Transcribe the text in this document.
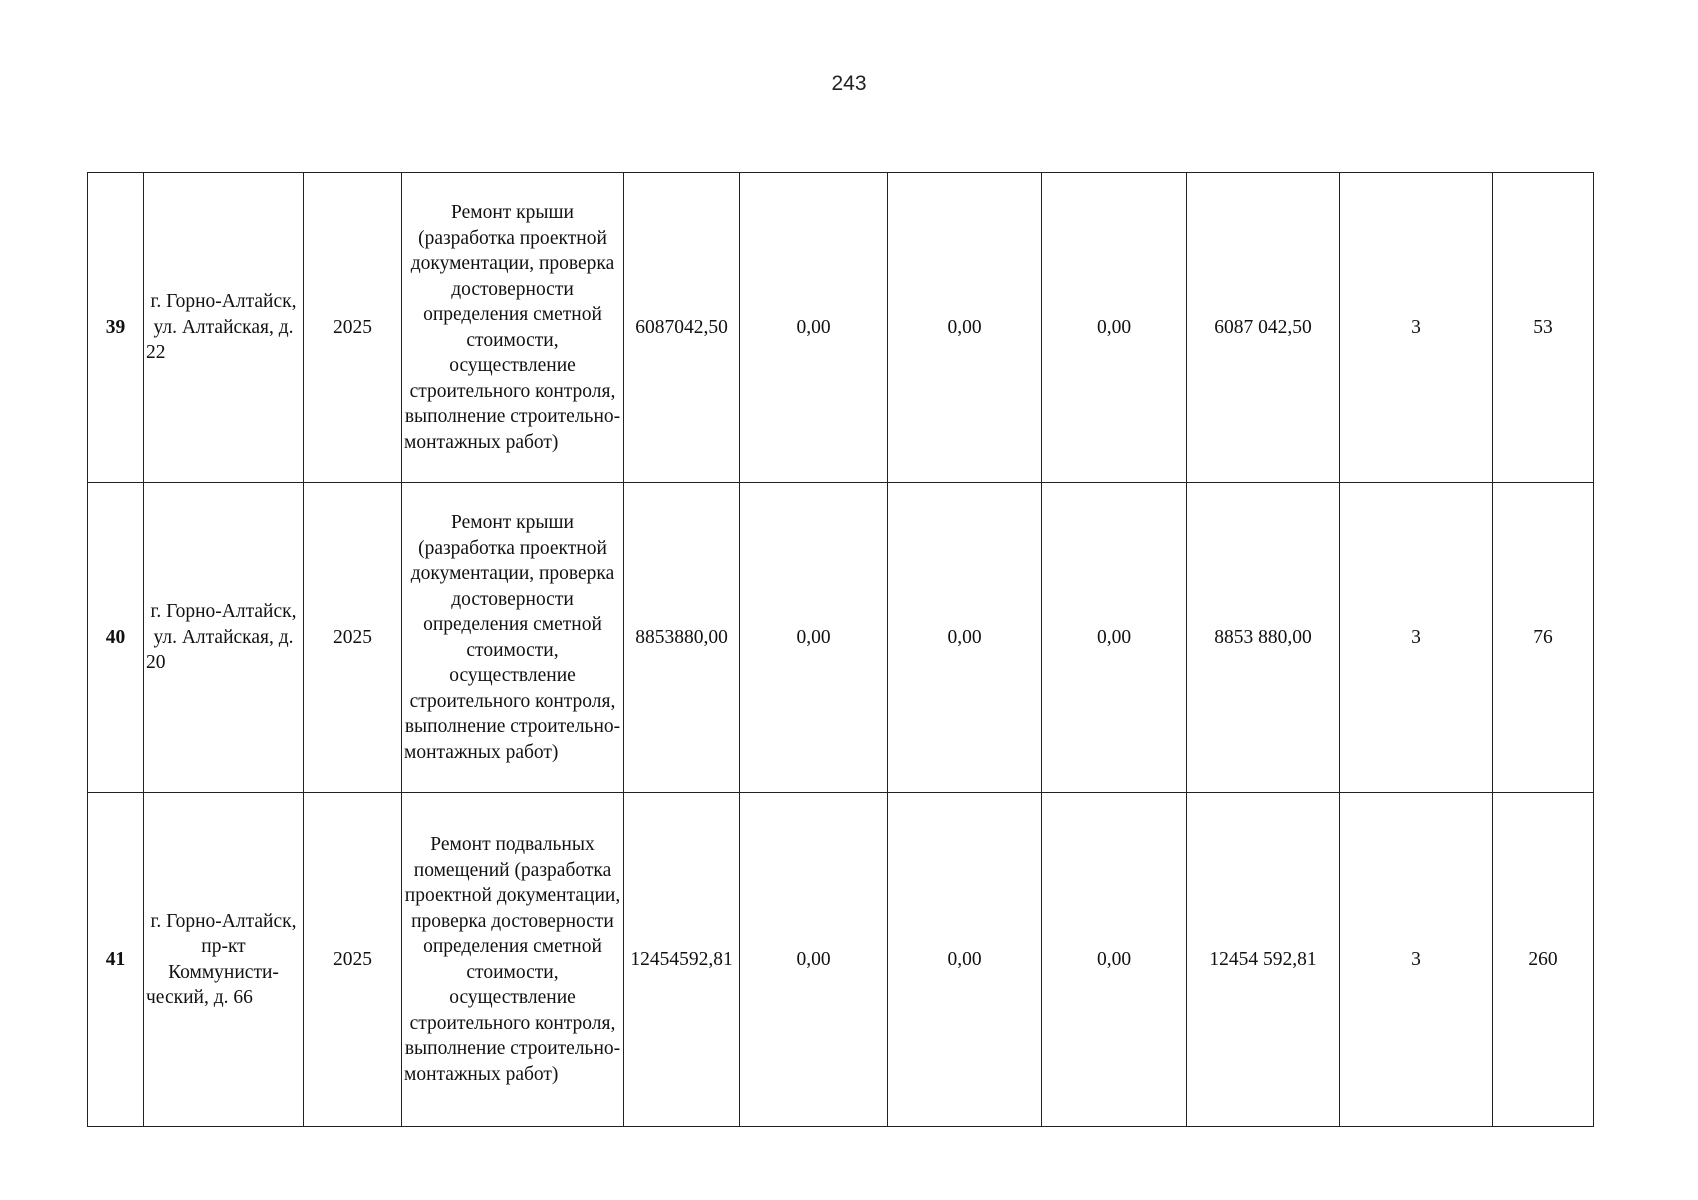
243
39	г. Горно-Алтайск, ул. Алтайская, д. 22	2025	Ремонт крыши (разработка проектной документации, проверка достоверности определения сметной стоимости, осуществление строительного контроля, выполнение строительно-монтажных работ)	6087042,50	0,00	0,00	0,00	6087 042,50	3	53
40	г. Горно-Алтайск, ул. Алтайская, д. 20	2025	Ремонт крыши (разработка проектной документации, проверка достоверности определения сметной стоимости, осуществление строительного контроля, выполнение строительно-монтажных работ)	8853880,00	0,00	0,00	0,00	8853 880,00	3	76
41	г. Горно-Алтайск, пр-кт Коммунисти-ческий, д. 66	2025	Ремонт подвальных помещений (разработка проектной документации, проверка достоверности определения сметной стоимости, осуществление строительного контроля, выполнение строительно-монтажных работ)	12454592,81	0,00	0,00	0,00	12454 592,81	3	260
